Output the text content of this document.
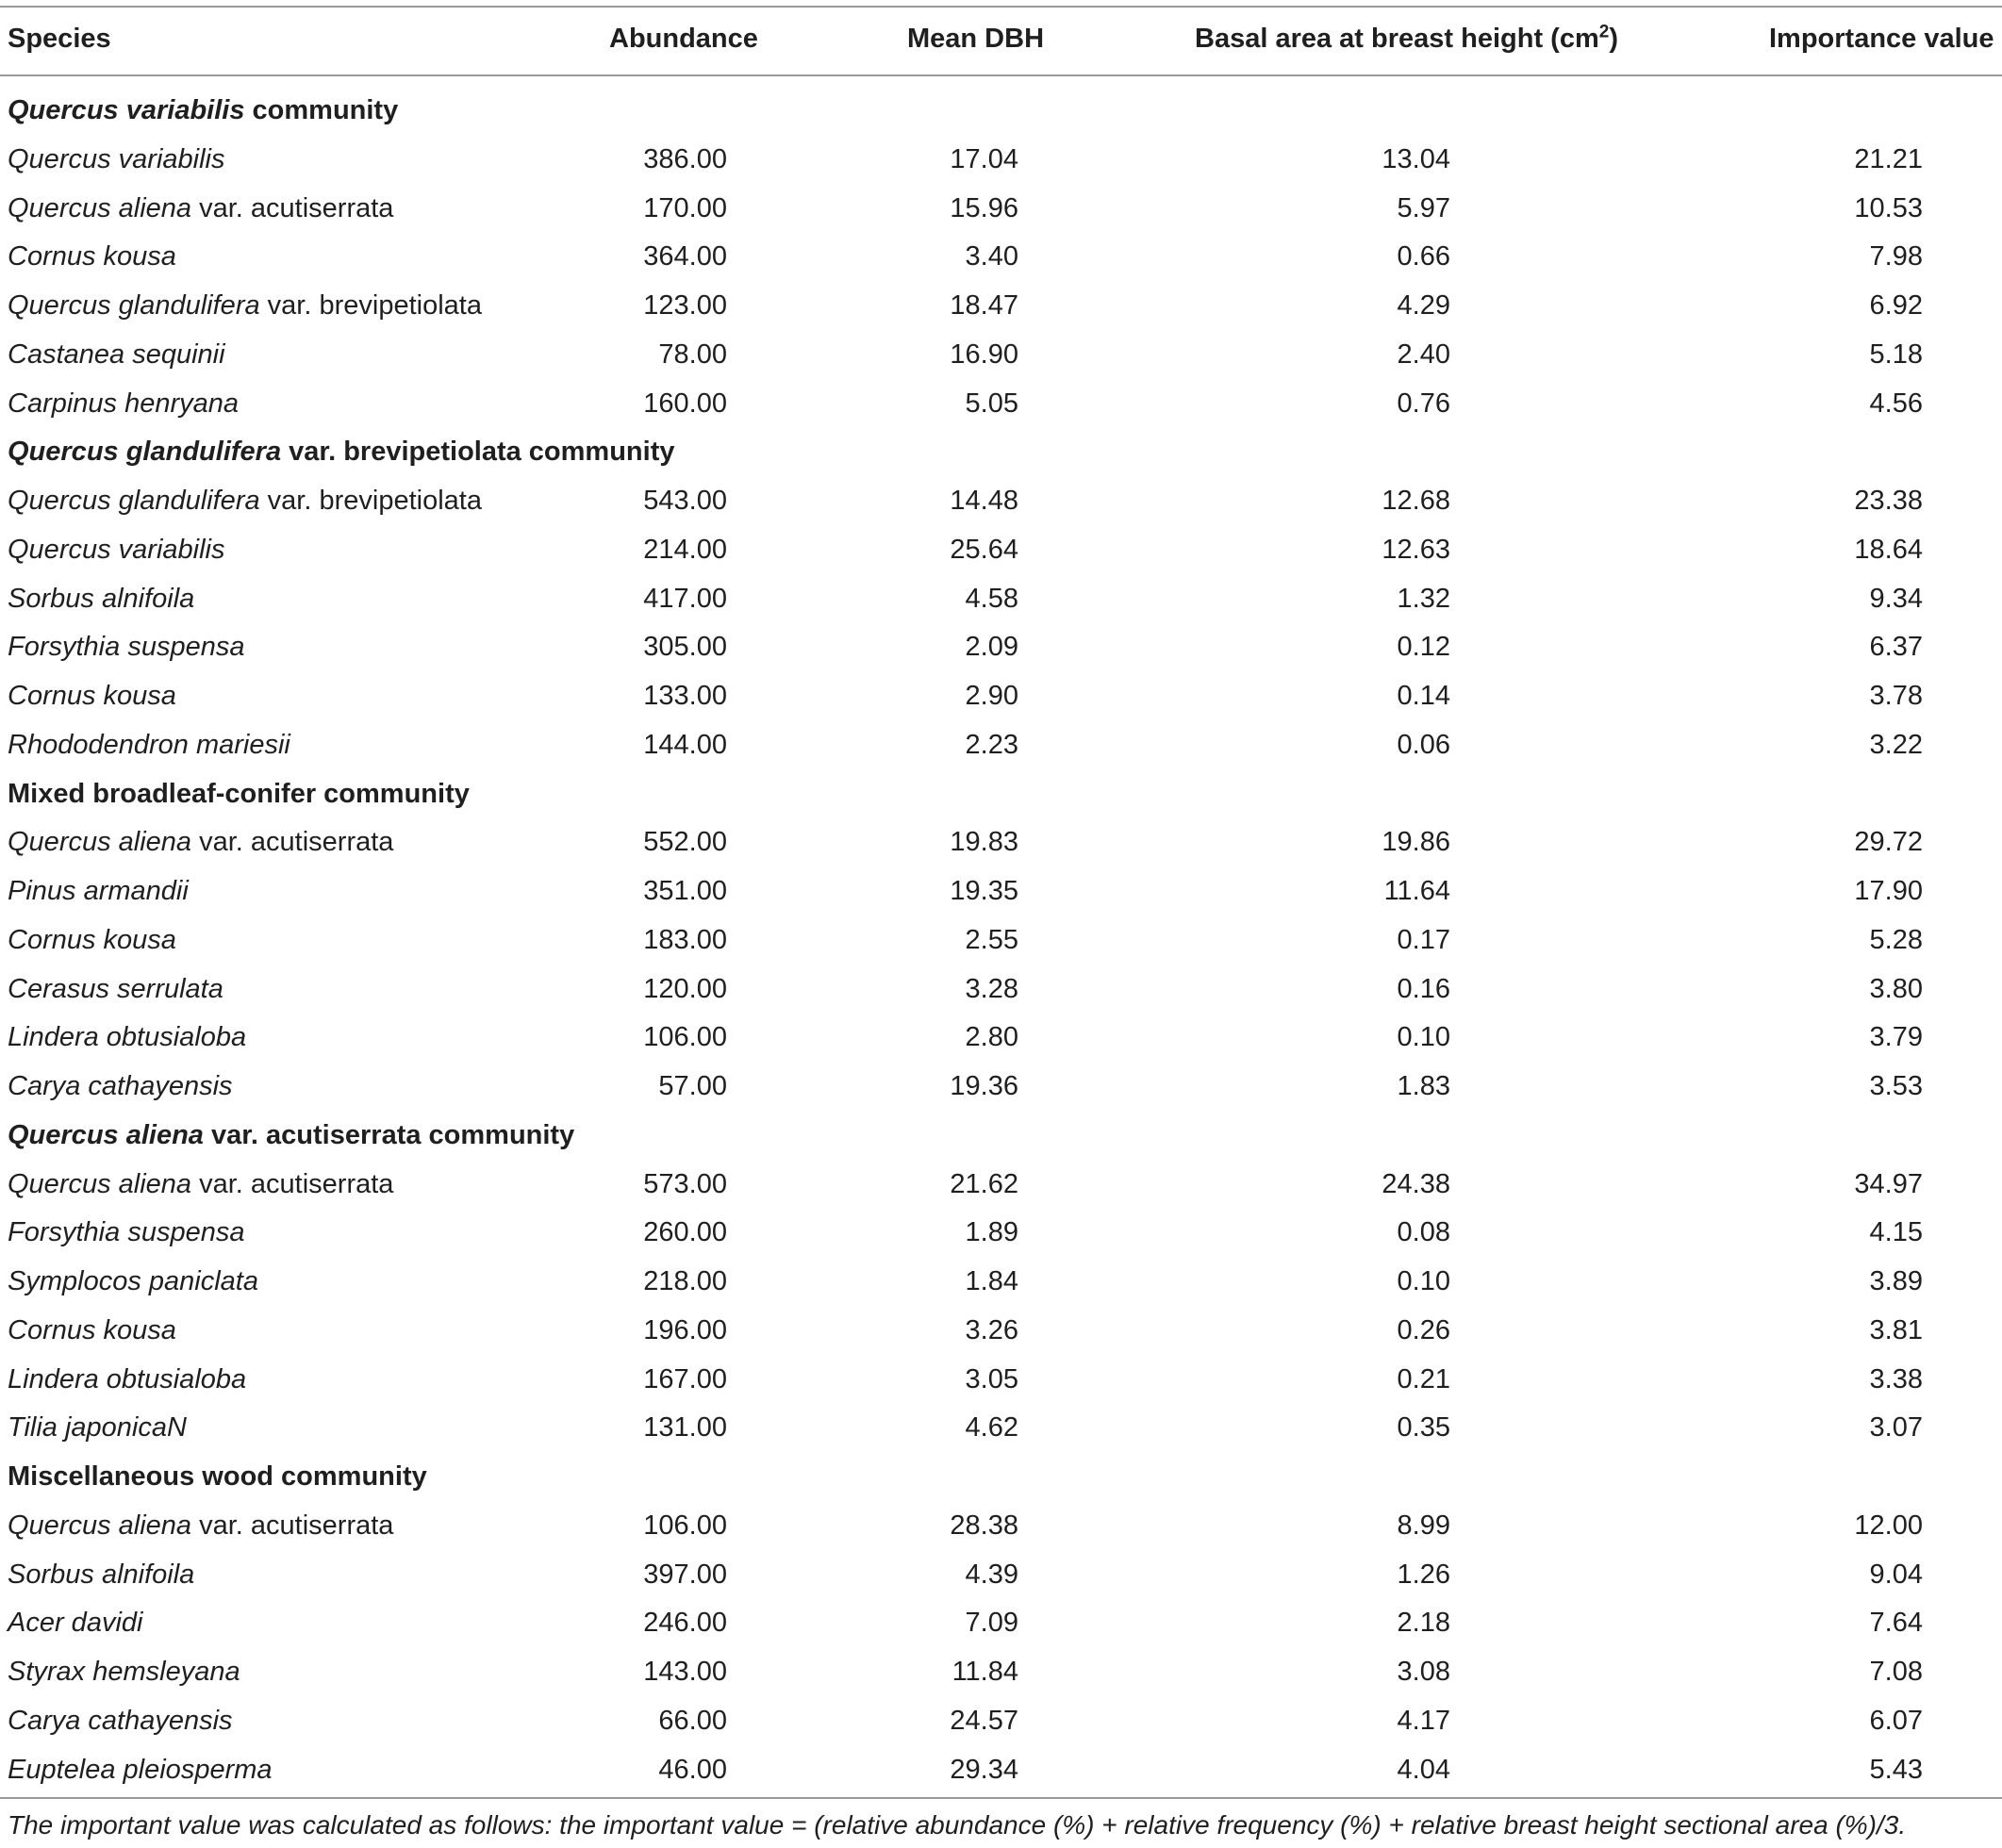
Species	Abundance	Mean DBH	Basal area at breast height $(cm^2)$	Importance value
Quercus variabilis community
Quercus variabilis	386.00	17.04	13.04	21.21
Quercus aliena var. acutiserrata	170.00	15.96	5.97	10.53
Cornus kousa	364.00	3.40	0.66	7.98
Quercus glandulifera var. brevipetiolata	123.00	18.47	4.29	6.92
Castanea sequinii	78.00	16.90	2.40	5.18
Carpinus henryana	160.00	5.05	0.76	4.56
Quercus glandulifera var. brevipetiolata community
Quercus glandulifera var. brevipetiolata	543.00	14.48	12.68	23.38
Quercus variabilis	214.00	25.64	12.63	18.64
Sorbus alnifoila	417.00	4.58	1.32	9.34
Forsythia suspensa	305.00	2.09	0.12	6.37
Cornus kousa	133.00	2.90	0.14	3.78
Rhododendron mariesii	144.00	2.23	0.06	3.22
Mixed broadleaf-conifer community
Quercus aliena var. acutiserrata	552.00	19.83	19.86	29.72
Pinus armandii	351.00	19.35	11.64	17.90
Cornus kousa	183.00	2.55	0.17	5.28
Cerasus serrulata	120.00	3.28	0.16	3.80
Lindera obtusialoba	106.00	2.80	0.10	3.79
Carya cathayensis	57.00	19.36	1.83	3.53
Quercus aliena var. acutiserrata community
Quercus aliena var. acutiserrata	573.00	21.62	24.38	34.97
Forsythia suspensa	260.00	1.89	0.08	4.15
Symplocos paniclata	218.00	1.84	0.10	3.89
Cornus kousa	196.00	3.26	0.26	3.81
Lindera obtusialoba	167.00	3.05	0.21	3.38
Tilia japonicaN	131.00	4.62	0.35	3.07
Miscellaneous wood community
Quercus aliena var. acutiserrata	106.00	28.38	8.99	12.00
Sorbus alnifoila	397.00	4.39	1.26	9.04
Acer davidi	246.00	7.09	2.18	7.64
Styrax hemsleyana	143.00	11.84	3.08	7.08
Carya cathayensis	66.00	24.57	4.17	6.07
Euptelea pleiosperma	46.00	29.34	4.04	5.43
The important value was calculated as follows: the important value = (relative abundance (%) + relative frequency (%) + relative breast height sectional area (%)/3.
